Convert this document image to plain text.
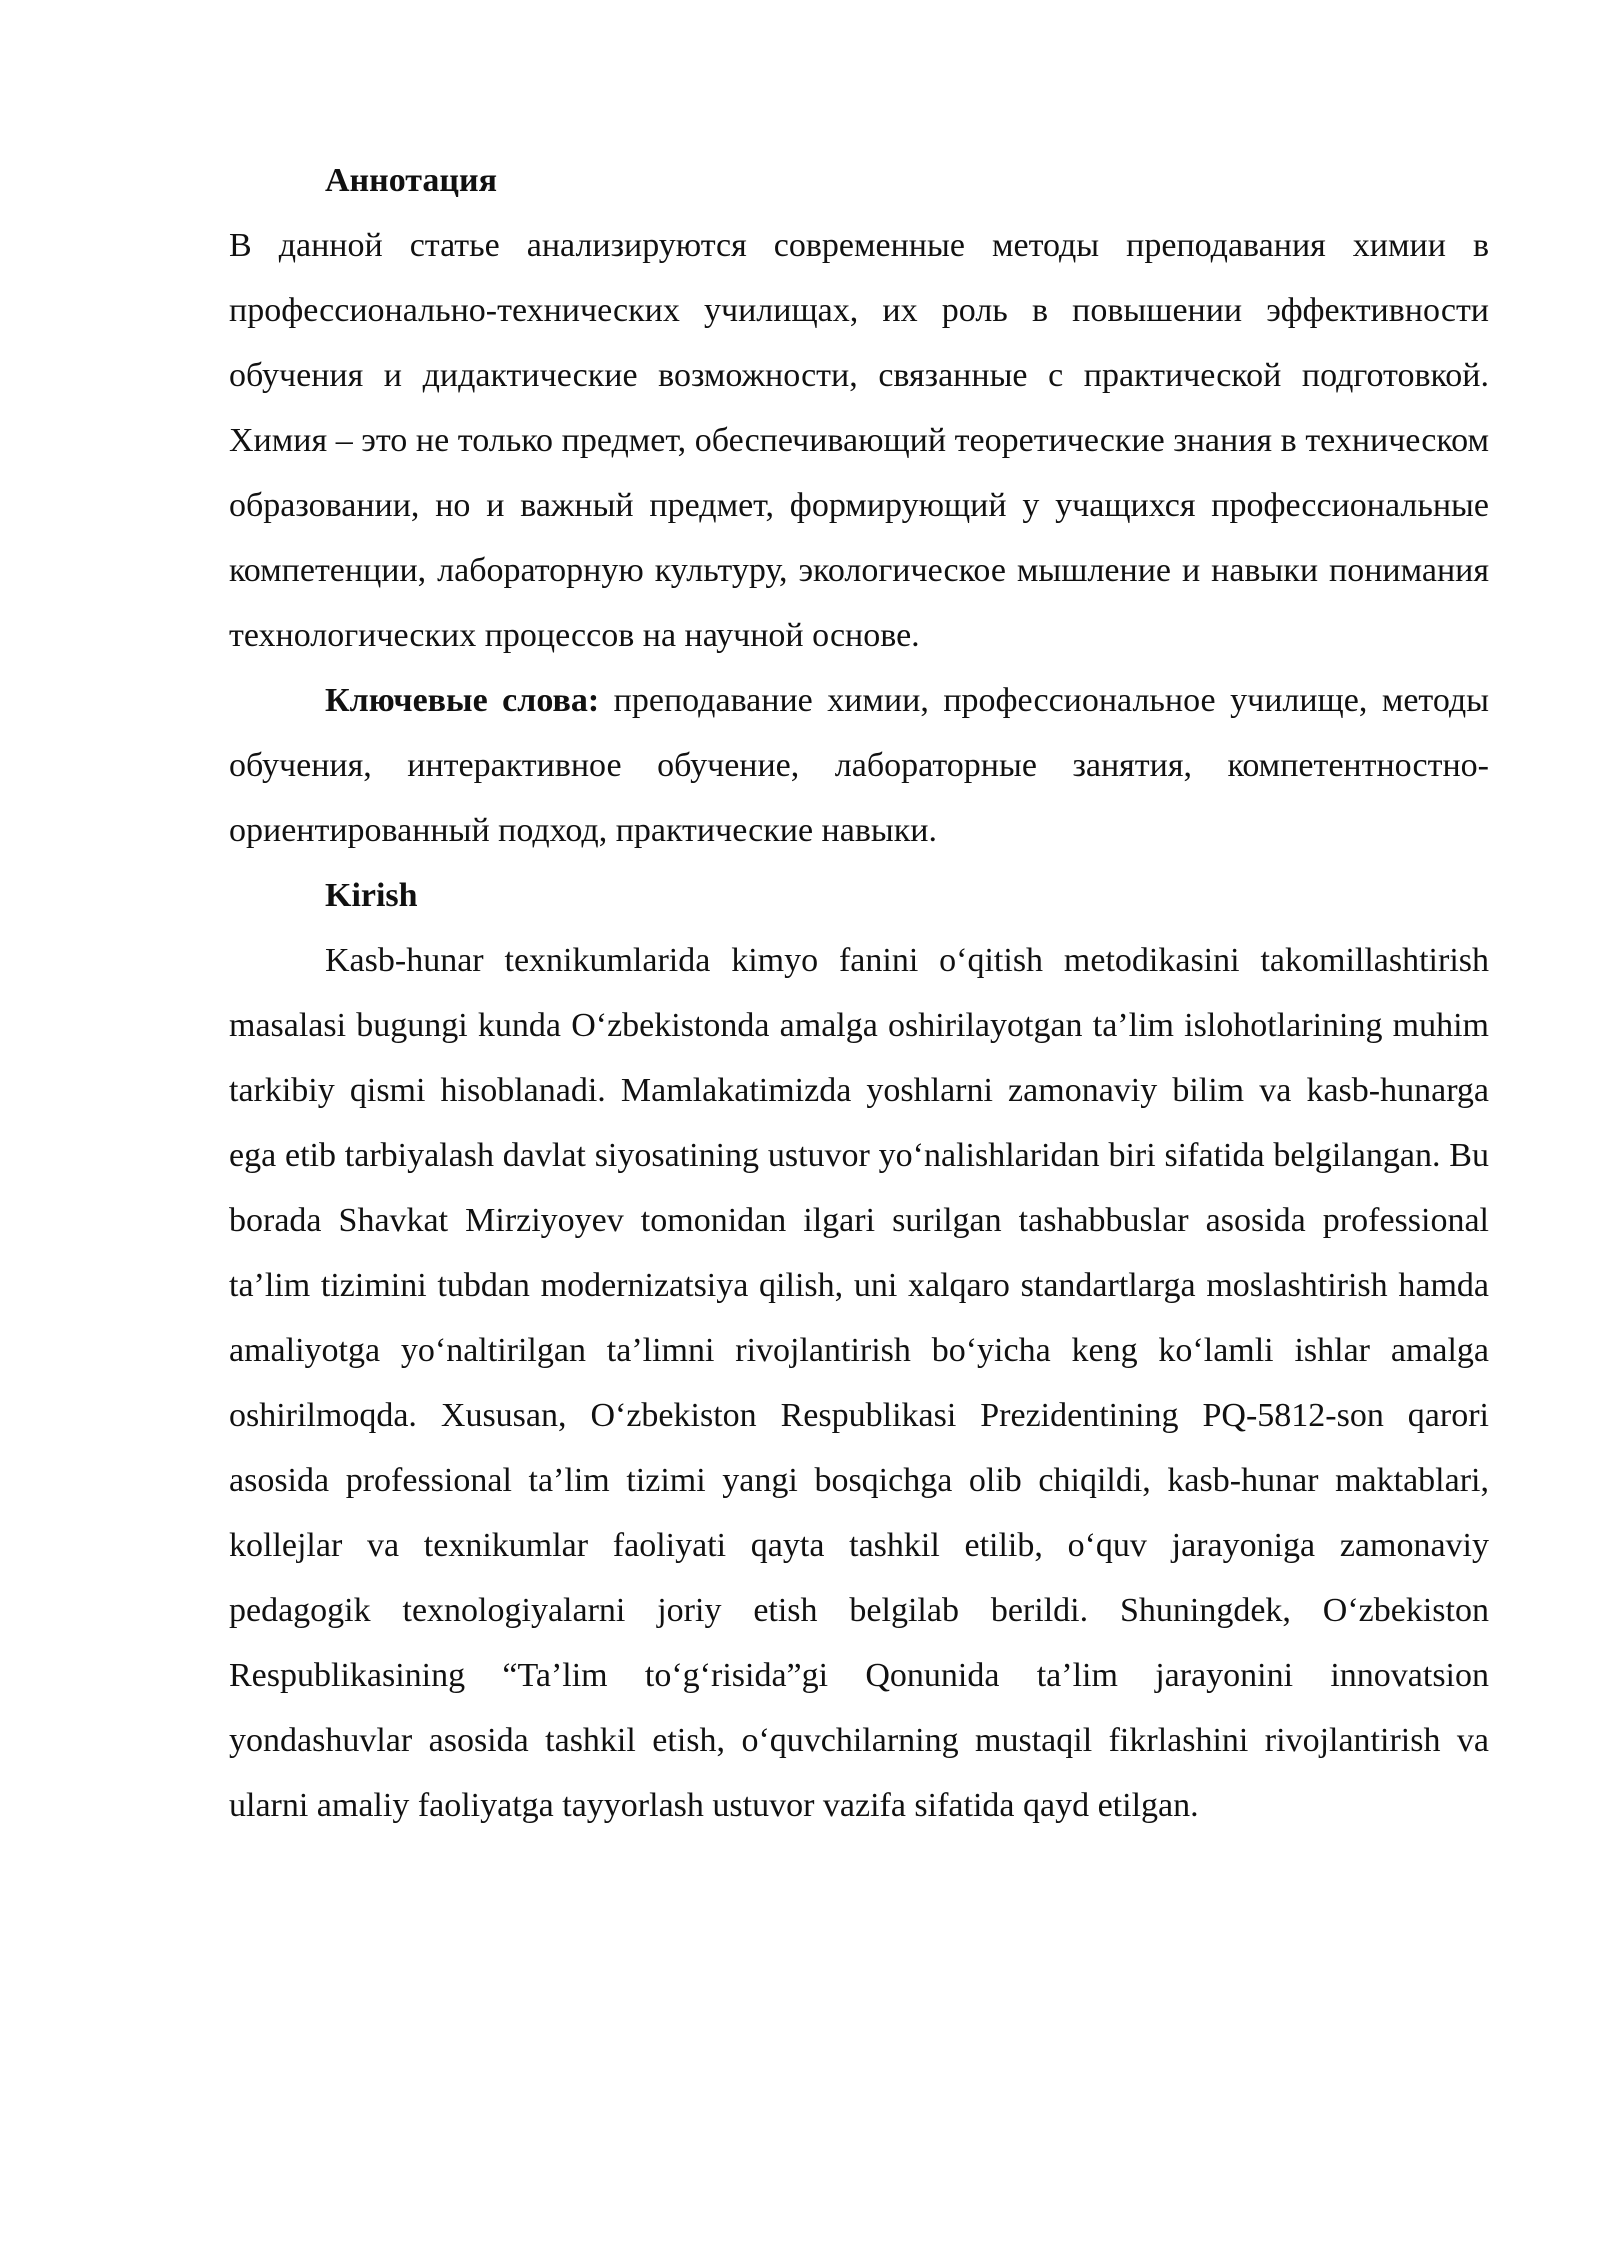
Аннотация

В данной статье анализируются современные методы преподавания химии в профессионально-технических училищах, их роль в повышении эффективности обучения и дидактические возможности, связанные с практической подготовкой. Химия – это не только предмет, обеспечивающий теоретические знания в техническом образовании, но и важный предмет, формирующий у учащихся профессиональные компетенции, лабораторную культуру, экологическое мышление и навыки понимания технологических процессов на научной основе.

Ключевые слова: преподавание химии, профессиональное училище, методы обучения, интерактивное обучение, лабораторные занятия, компетентностно-ориентированный подход, практические навыки.

Kirish

Kasb-hunar texnikumlarida kimyo fanini oʻqitish metodikasini takomillashtirish masalasi bugungi kunda Oʻzbekistonda amalga oshirilayotgan ta’lim islohotlarining muhim tarkibiy qismi hisoblanadi. Mamlakatimizda yoshlarni zamonaviy bilim va kasb-hunarga ega etib tarbiyalash davlat siyosatining ustuvor yoʻnalishlaridan biri sifatida belgilangan. Bu borada Shavkat Mirziyoyev tomonidan ilgari surilgan tashabbuslar asosida professional ta’lim tizimini tubdan modernizatsiya qilish, uni xalqaro standartlarga moslashtirish hamda amaliyotga yoʻnaltirilgan ta’limni rivojlantirish boʻyicha keng koʻlamli ishlar amalga oshirilmoqda. Xususan, Oʻzbekiston Respublikasi Prezidentining PQ-5812-son qarori asosida professional ta’lim tizimi yangi bosqichga olib chiqildi, kasb-hunar maktablari, kollejlar va texnikumlar faoliyati qayta tashkil etilib, oʻquv jarayoniga zamonaviy pedagogik texnologiyalarni joriy etish belgilab berildi. Shuningdek, Oʻzbekiston Respublikasining “Ta’lim toʻgʻrisida”gi Qonunida ta’lim jarayonini innovatsion yondashuvlar asosida tashkil etish, oʻquvchilarning mustaqil fikrlashini rivojlantirish va ularni amaliy faoliyatga tayyorlash ustuvor vazifa sifatida qayd etilgan.
